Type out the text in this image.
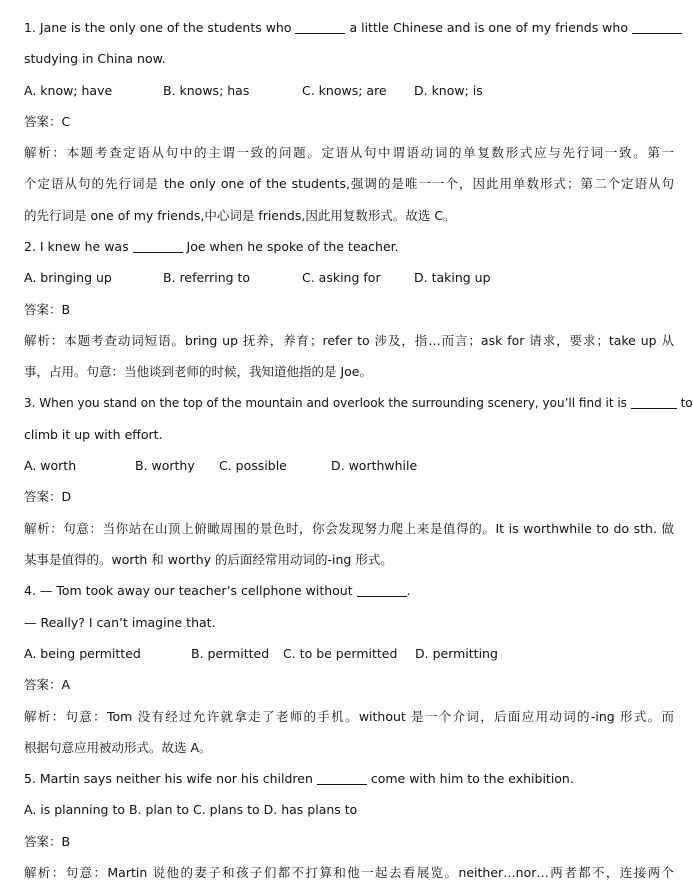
1. Jane is the only one of the students who	a little Chinese and is one of my friends who
studying in China now.
A. know; have	B. knows; has	C. knows; are D. know; is
答案：C
解析：本题考查定语从句中的主谓一致的问题。定语从句中谓语动词的单复数形式应与先行词一致。第一
个定语从句的先行词是 the only one of the students,强调的是唯一一个，因此用单数形式；第二个定语从句
的先行词是 one of my friends,中心词是 friends,因此用复数形式。故选 C。
2. I knew he was	Joe when he spoke of the teacher.
A. bringing up	B. referring to	C. asking for	D. taking up
答案：B
解析：本题考查动词短语。bring up 抚养，养育；refer to 涉及，指…而言；ask for 请求，要求；take up 从
事，占用。句意：当他谈到老师的时候，我知道他指的是 Joe。
3. When you stand on the top of the mountain and overlook the surrounding scenery, you’ll find it is	to
climb it up with effort.
A. worth	B. worthy C. possible	D. worthwhile
答案：D
解析：句意：当你站在山顶上俯瞰周围的景色时，你会发现努力爬上来是值得的。It is worthwhile to do sth. 做
某事是值得的。worth 和 worthy 的后面经常用动词的-ing 形式。
4. — Tom took away our teacher’s cellphone without	.
— Really? I can’t imagine that.
A. being permitted	B. permitted C. to be permitted D. permitting
答案：A
解析：句意：Tom 没有经过允许就拿走了老师的手机。without 是一个介词，后面应用动词的-ing 形式。而
根据句意应用被动形式。故选 A。
5. Martin says neither his wife nor his children	come with him to the exhibition.
A. is planning to B. plan to C. plans to D. has plans to
答案：B
解析：句意：Martin 说他的妻子和孩子们都不打算和他一起去看展览。neither…nor…两者都不，连接两个
